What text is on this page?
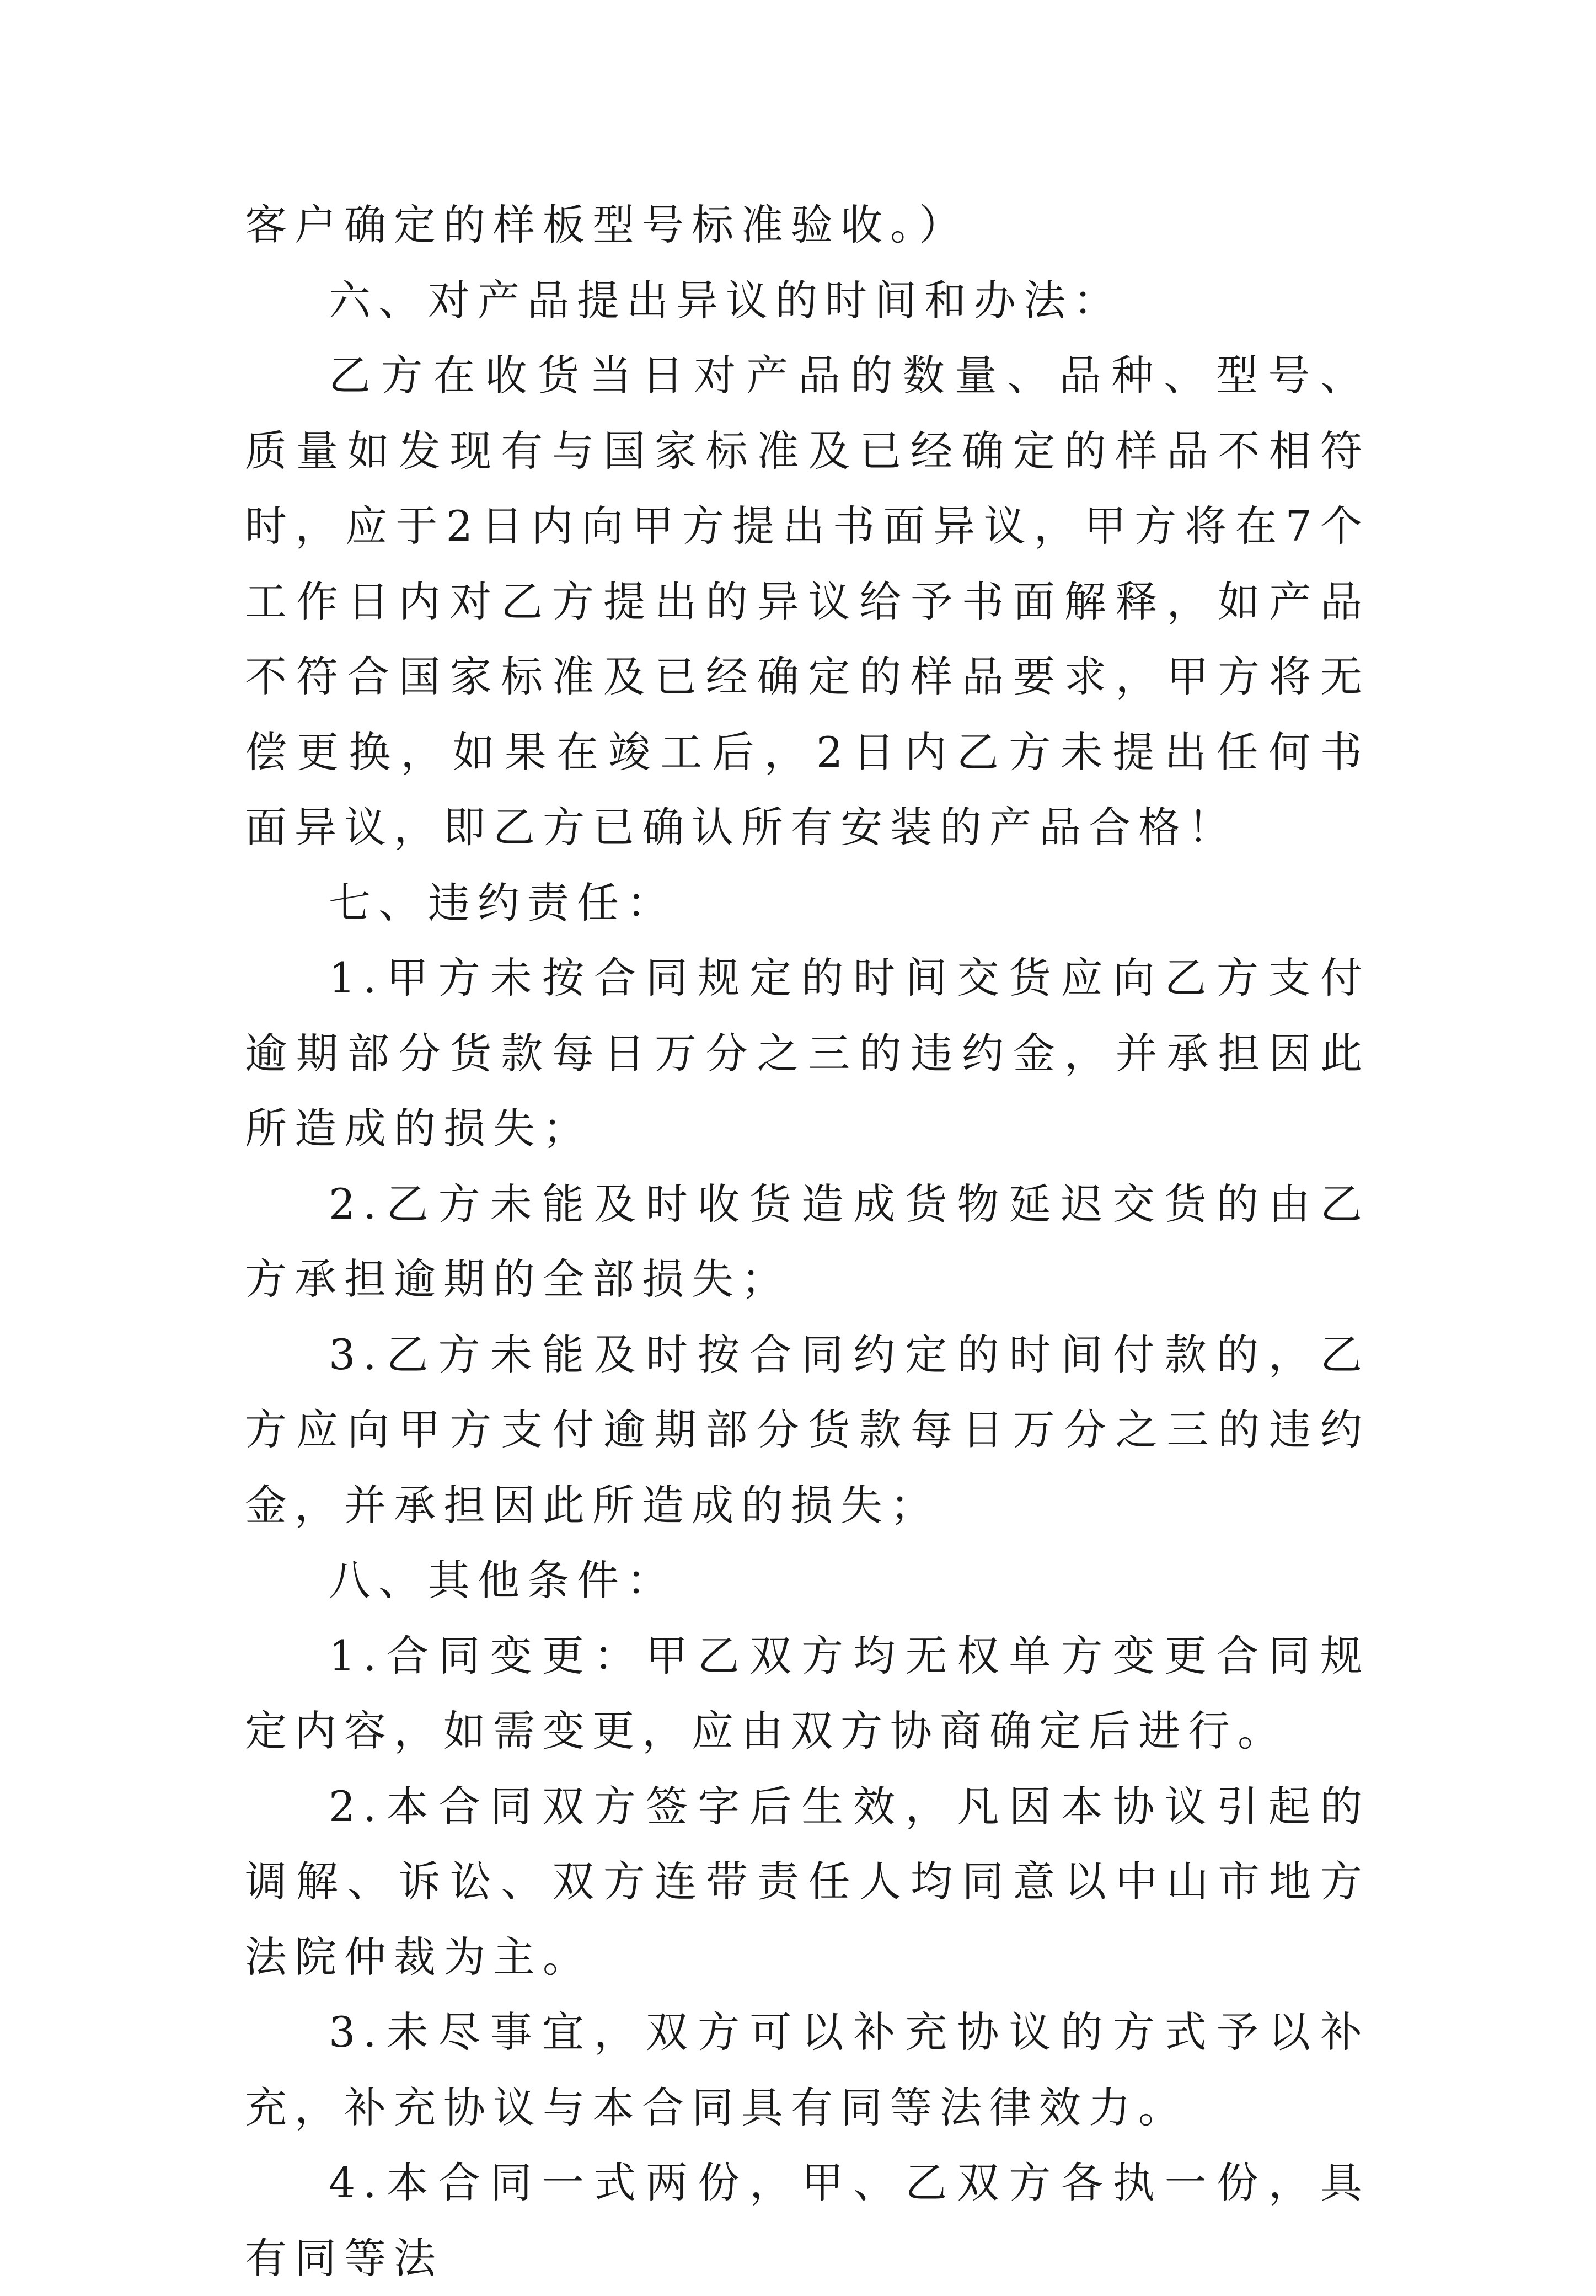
客户确定的样板型号标准验收。）

六、对产品提出异议的时间和办法：

乙方在收货当日对产品的数量、品种、型号、质量如发现有与国家标准及已经确定的样品不相符时，应于2日内向甲方提出书面异议，甲方将在7个工作日内对乙方提出的异议给予书面解释，如产品不符合国家标准及已经确定的样品要求，甲方将无偿更换，如果在竣工后，2日内乙方未提出任何书面异议，即乙方已确认所有安装的产品合格！

七、违约责任：

1.甲方未按合同规定的时间交货应向乙方支付逾期部分货款每日万分之三的违约金，并承担因此所造成的损失；

2.乙方未能及时收货造成货物延迟交货的由乙方承担逾期的全部损失；

3.乙方未能及时按合同约定的时间付款的，乙方应向甲方支付逾期部分货款每日万分之三的违约金，并承担因此所造成的损失；

八、其他条件：

1.合同变更：甲乙双方均无权单方变更合同规定内容，如需变更，应由双方协商确定后进行。

2.本合同双方签字后生效，凡因本协议引起的调解、诉讼、双方连带责任人均同意以中山市地方法院仲裁为主。

3.未尽事宜，双方可以补充协议的方式予以补充，补充协议与本合同具有同等法律效力。

4.本合同一式两份，甲、乙双方各执一份，具有同等法
